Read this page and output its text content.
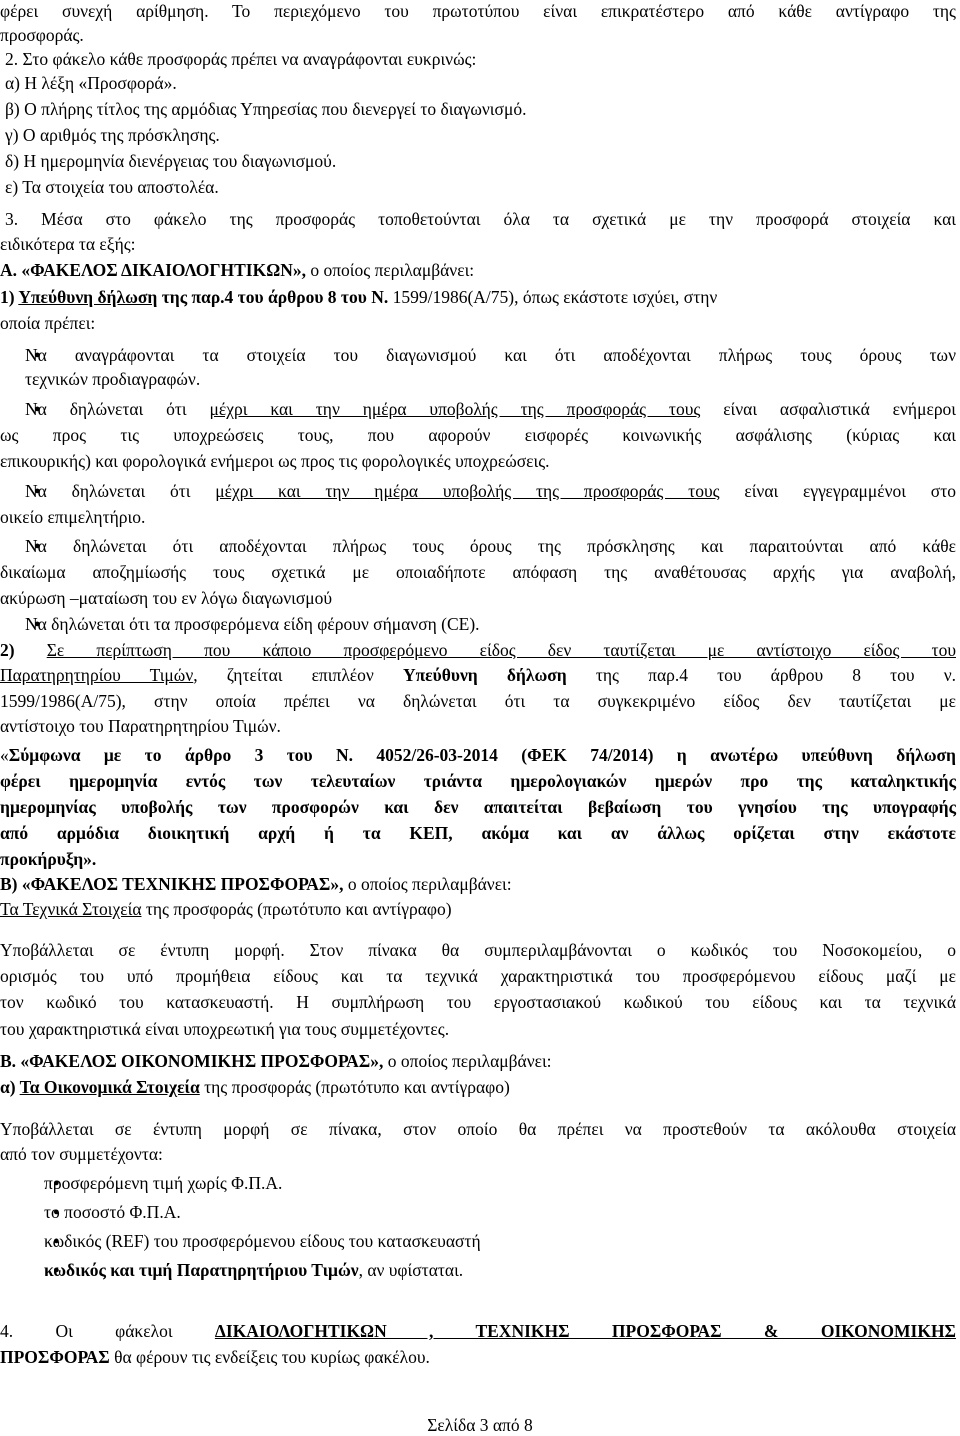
φέρει συνεχή αρίθμηση. Το περιεχόμενο του πρωτοτύπου είναι επικρατέστερο από κάθε αντίγραφο της

προσφοράς.

2. Στο φάκελο κάθε προσφοράς πρέπει να αναγράφονται ευκρινώς:

α) Η λέξη «Προσφορά».

β) Ο πλήρης τίτλος της αρμόδιας Υπηρεσίας που διενεργεί το διαγωνισμό.

γ) Ο αριθμός της πρόσκλησης.

δ) Η ημερομηνία διενέργειας του διαγωνισμού.

ε) Τα στοιχεία του αποστολέα.

3. Μέσα στο φάκελο της προσφοράς τοποθετούνται όλα τα σχετικά με την προσφορά στοιχεία και

ειδικότερα τα εξής:

Α. «ΦΑΚΕΛΟΣ ΔΙΚΑΙΟΛΟΓΗΤΙΚΩΝ», ο οποίος περιλαμβάνει:

1) Υπεύθυνη δήλωση της παρ.4 του άρθρου 8 του Ν. 1599/1986(Α/75), όπως εκάστοτε ισχύει, στην

οποία πρέπει:

● Να αναγράφονται τα στοιχεία του διαγωνισμού και ότι αποδέχονται πλήρως τους όρους των

τεχνικών προδιαγραφών.

● Να δηλώνεται ότι μέχρι και την ημέρα υποβολής της προσφοράς τους είναι ασφαλιστικά ενήμεροι

ως προς τις υποχρεώσεις τους, που αφορούν εισφορές κοινωνικής ασφάλισης (κύριας και

επικουρικής) και φορολογικά ενήμεροι ως προς τις φορολογικές υποχρεώσεις.

● Να δηλώνεται ότι μέχρι και την ημέρα υποβολής της προσφοράς τους είναι εγγεγραμμένοι στο

οικείο επιμελητήριο.

● Να δηλώνεται ότι αποδέχονται πλήρως τους όρους της πρόσκλησης και παραιτούνται από κάθε

δικαίωμα αποζημίωσής τους σχετικά με οποιαδήποτε απόφαση της αναθέτουσας αρχής για αναβολή,

ακύρωση –ματαίωση του εν λόγω διαγωνισμού

● Να δηλώνεται ότι τα προσφερόμενα είδη φέρουν σήμανση (CE).

2) Σε περίπτωση που κάποιο προσφερόμενο είδος δεν ταυτίζεται με αντίστοιχο είδος του

Παρατηρητηρίου Τιμών, ζητείται επιπλέον Υπεύθυνη δήλωση της παρ.4 του άρθρου 8 του ν.

1599/1986(Α/75), στην οποία πρέπει να δηλώνεται ότι τα συγκεκριμένο είδος δεν ταυτίζεται με

αντίστοιχο του Παρατηρητηρίου Τιμών.

«Σύμφωνα με το άρθρο 3 του Ν. 4052/26-03-2014 (ΦΕΚ 74/2014) η ανωτέρω υπεύθυνη δήλωση

φέρει ημερομηνία εντός των τελευταίων τριάντα ημερολογιακών ημερών προ της καταληκτικής

ημερομηνίας υποβολής των προσφορών και δεν απαιτείται βεβαίωση του γνησίου της υπογραφής

από αρμόδια διοικητική αρχή ή τα ΚΕΠ, ακόμα και αν άλλως ορίζεται στην εκάστοτε

προκήρυξη».

Β) «ΦΑΚΕΛΟΣ ΤΕΧΝΙΚΗΣ ΠΡΟΣΦΟΡΑΣ», ο οποίος περιλαμβάνει:

Τα Τεχνικά Στοιχεία της προσφοράς (πρωτότυπο και αντίγραφο)

Υποβάλλεται σε έντυπη μορφή. Στον πίνακα θα συμπεριλαμβάνονται ο κωδικός του Νοσοκομείου, ο

ορισμός του υπό προμήθεια είδους και τα τεχνικά χαρακτηριστικά του προσφερόμενου είδους μαζί με

τον κωδικό του κατασκευαστή. Η συμπλήρωση του εργοστασιακού κωδικού του είδους και τα τεχνικά

του χαρακτηριστικά είναι υποχρεωτική για τους συμμετέχοντες.

Β. «ΦΑΚΕΛΟΣ ΟΙΚΟΝΟΜΙΚΗΣ ΠΡΟΣΦΟΡΑΣ», ο οποίος περιλαμβάνει:

α) Τα Οικονομικά Στοιχεία της προσφοράς (πρωτότυπο και αντίγραφο)

Υποβάλλεται σε έντυπη μορφή σε πίνακα, στον οποίο θα πρέπει να προστεθούν τα ακόλουθα στοιχεία

από τον συμμετέχοντα:

● προσφερόμενη τιμή χωρίς Φ.Π.Α.

● το ποσοστό Φ.Π.Α.

● κωδικός (REF) του προσφερόμενου είδους του κατασκευαστή

● κωδικός και τιμή Παρατηρητήριου Τιμών, αν υφίσταται.

4. Οι φάκελοι ΔΙΚΑΙΟΛΟΓΗΤΙΚΩΝ , ΤΕΧΝΙΚΗΣ ΠΡΟΣΦΟΡΑΣ & ΟΙΚΟΝΟΜΙΚΗΣ

ΠΡΟΣΦΟΡΑΣ θα φέρουν τις ενδείξεις του κυρίως φακέλου.

Σελίδα 3 από 8
